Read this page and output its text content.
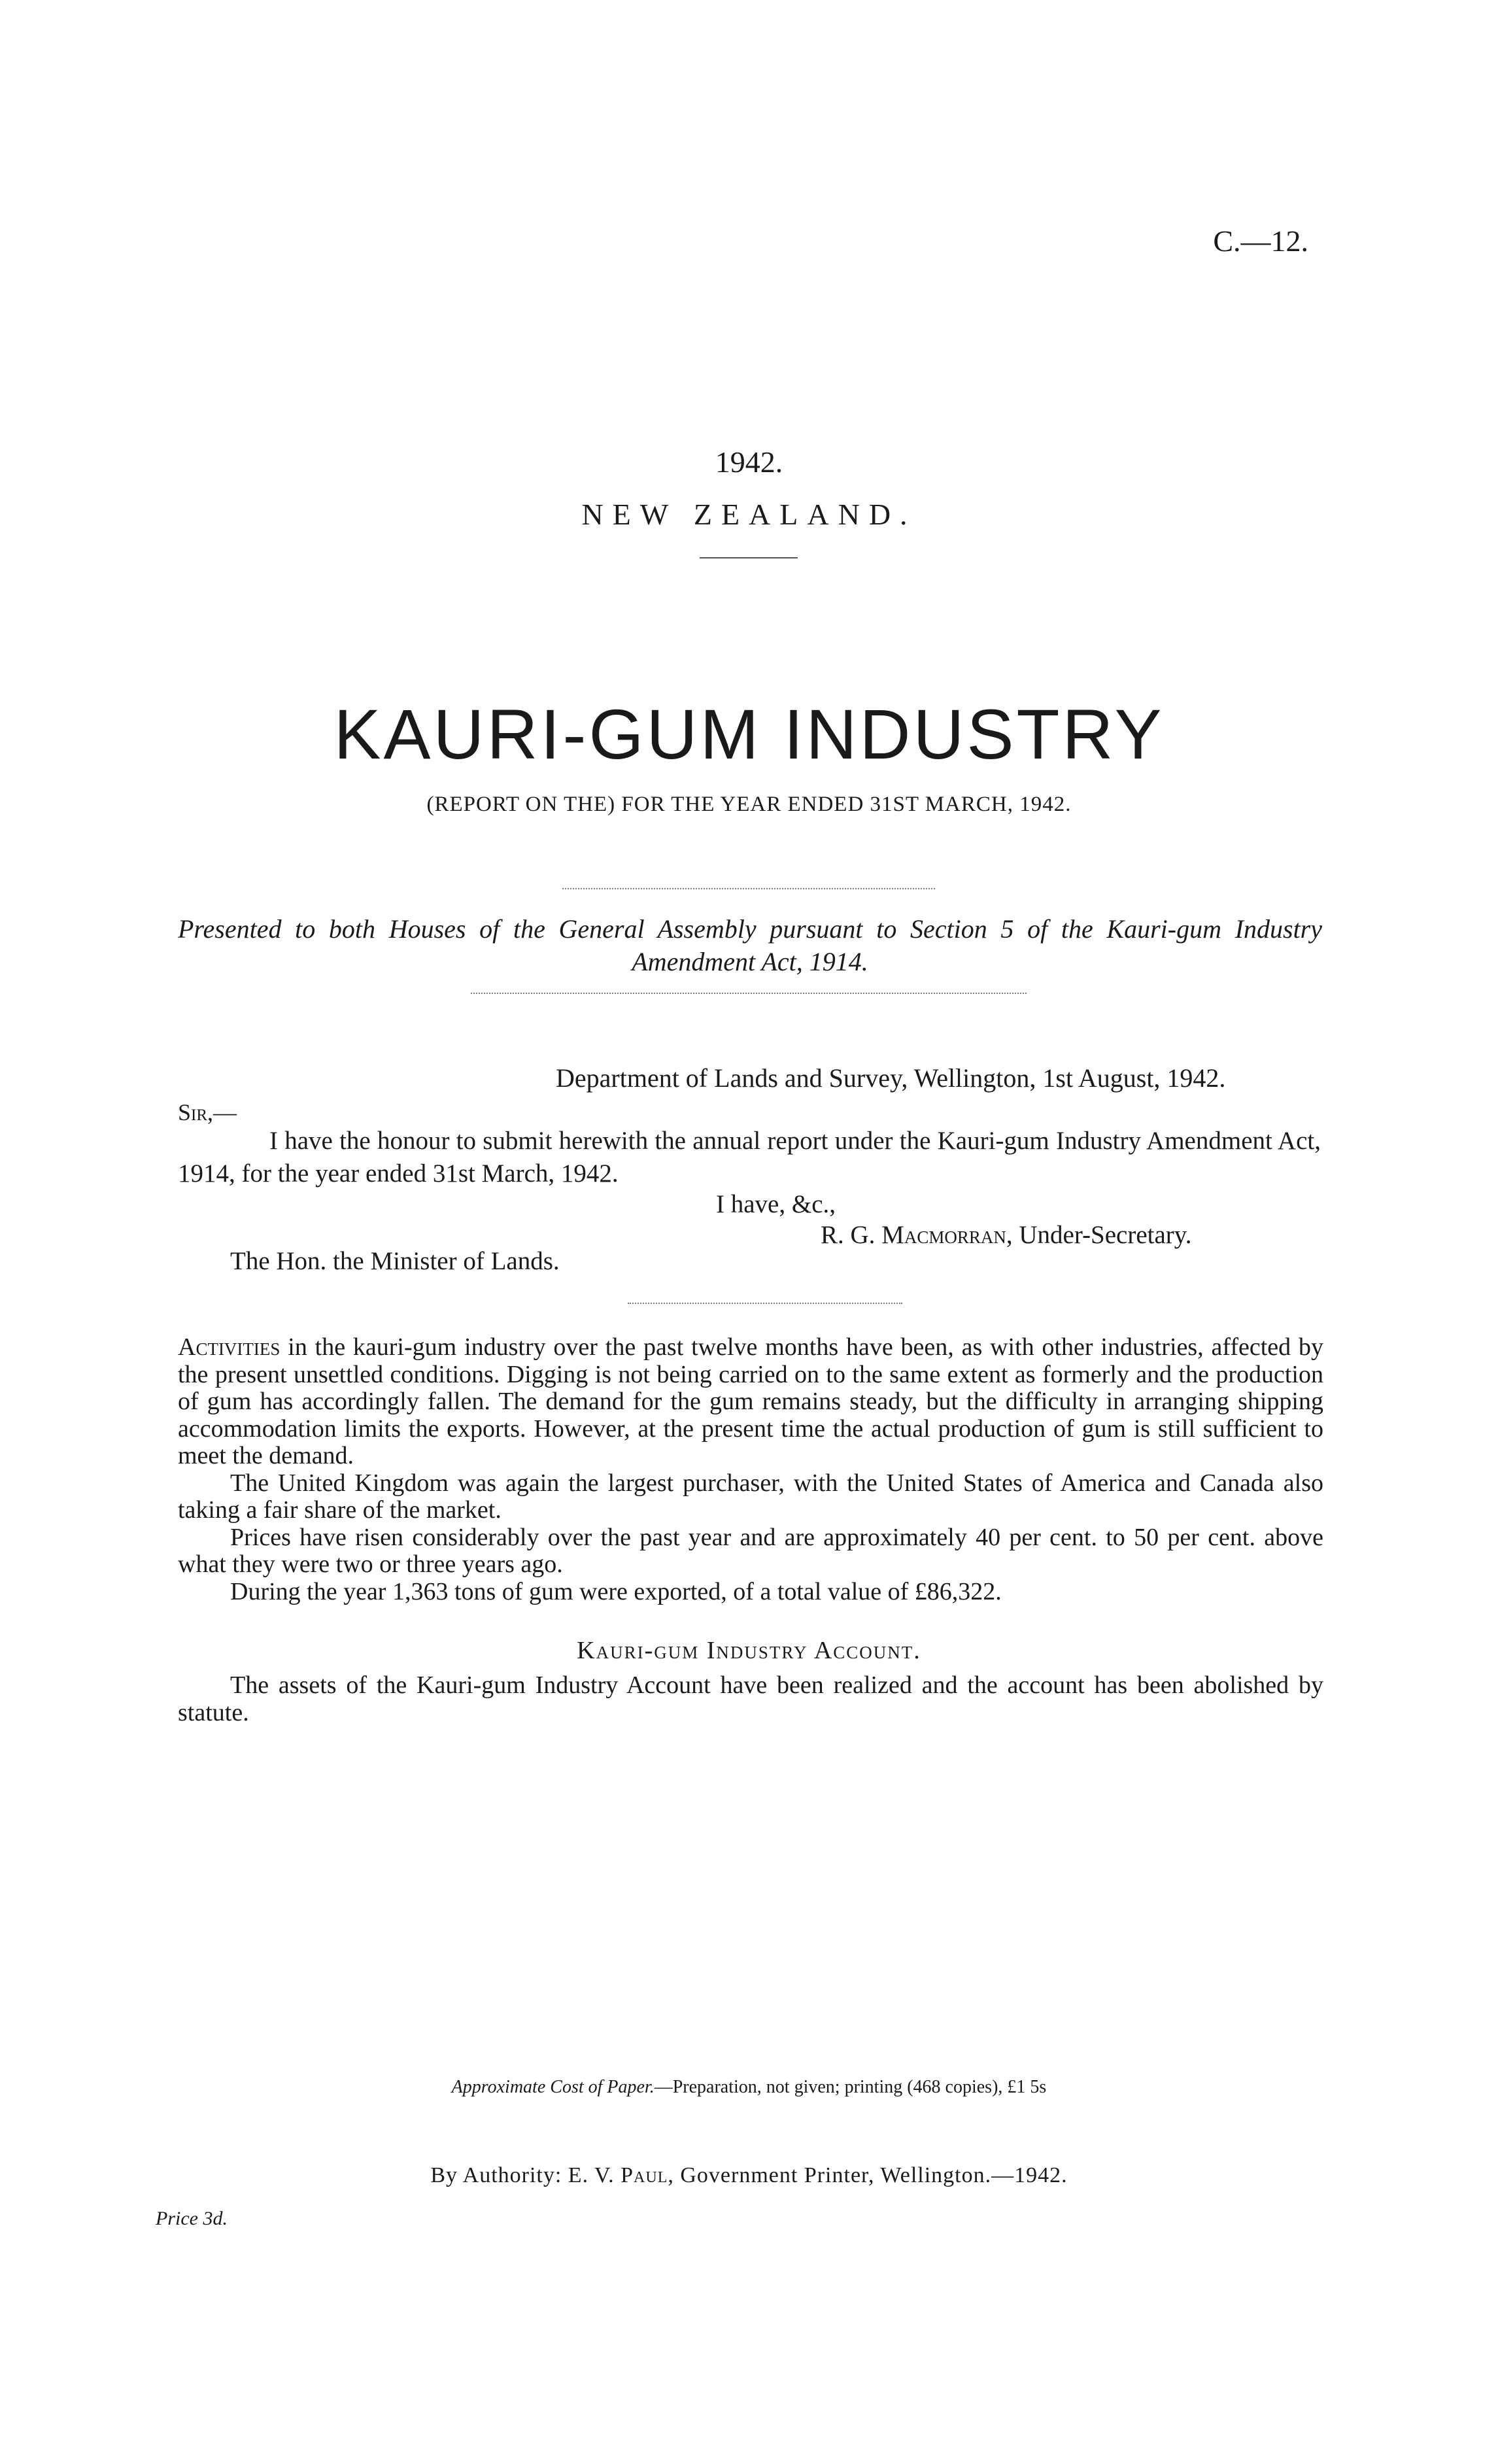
C.—12.
1942.
NEW ZEALAND.
KAURI-GUM INDUSTRY
(REPORT ON THE) FOR THE YEAR ENDED 31ST MARCH, 1942.
Presented to both Houses of the General Assembly pursuant to Section 5 of the Kauri-gum Industry Amendment Act, 1914.
Department of Lands and Survey, Wellington, 1st August, 1942.
Sir,—
I have the honour to submit herewith the annual report under the Kauri-gum Industry Amendment Act, 1914, for the year ended 31st March, 1942.
I have, &c.,
R. G. Macmorran, Under-Secretary.
The Hon. the Minister of Lands.

Activities in the kauri-gum industry over the past twelve months have been, as with other industries, affected by the present unsettled conditions. Digging is not being carried on to the same extent as formerly and the production of gum has accordingly fallen. The demand for the gum remains steady, but the difficulty in arranging shipping accommodation limits the exports. However, at the present time the actual production of gum is still sufficient to meet the demand.

The United Kingdom was again the largest purchaser, with the United States of America and Canada also taking a fair share of the market.

Prices have risen considerably over the past year and are approximately 40 per cent. to 50 per cent. above what they were two or three years ago.

During the year 1,363 tons of gum were exported, of a total value of £86,322.

Kauri-gum Industry Account.
The assets of the Kauri-gum Industry Account have been realized and the account has been abolished by statute.
Approximate Cost of Paper.—Preparation, not given; printing (468 copies), £1 5s
By Authority: E. V. Paul, Government Printer, Wellington.—1942.
Price 3d.
